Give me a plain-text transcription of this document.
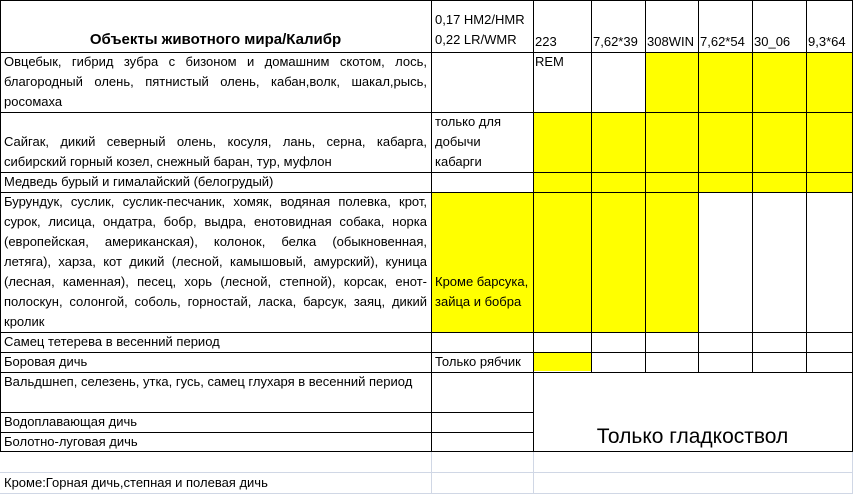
Объекты животного мира/Калибр
0,17 HM2/HMR
0,22 LR/WMR	223 REM
7,62*39 308WIN 7,62*54 30_06	9,3*64
Овцебык, гибрид зубра с бизоном и домашним скотом, лось, благородный олень, пятнистый олень, кабан,волк, шакал,рысь, росомаха
Сайгак, дикий северный олень, косуля, лань, серна, кабарга, сибирский горный козел, снежный баран, тур, муфлон
Медведь бурый и гималайский (белогрудый)
Бурундук, суслик, суслик-песчаник, хомяк, водяная полевка, крот, сурок, лисица, ондатра, бобр, выдра, енотовидная собака, норка (европейская, американская), колонок, белка (обыкновенная, летяга), харза, кот дикий (лесной, камышовый, амурский), куница (лесная, каменная), песец, хорь (лесной, степной), корсак, енот-полоскун, солонгой, соболь, горностай, ласка, барсук, заяц, дикий кролик
Самец тетерева в весенний период
Боровая дичь
Вальдшнеп, селезень, утка, гусь, самец глухаря в весенний период
Водоплавающая дичь
Болотно-луговая дичь
только для добычи кабарги
Кроме барсука, зайца и бобра
Только рябчик
Только гладкоствол
Кроме:Горная дичь,степная и полевая дичь
